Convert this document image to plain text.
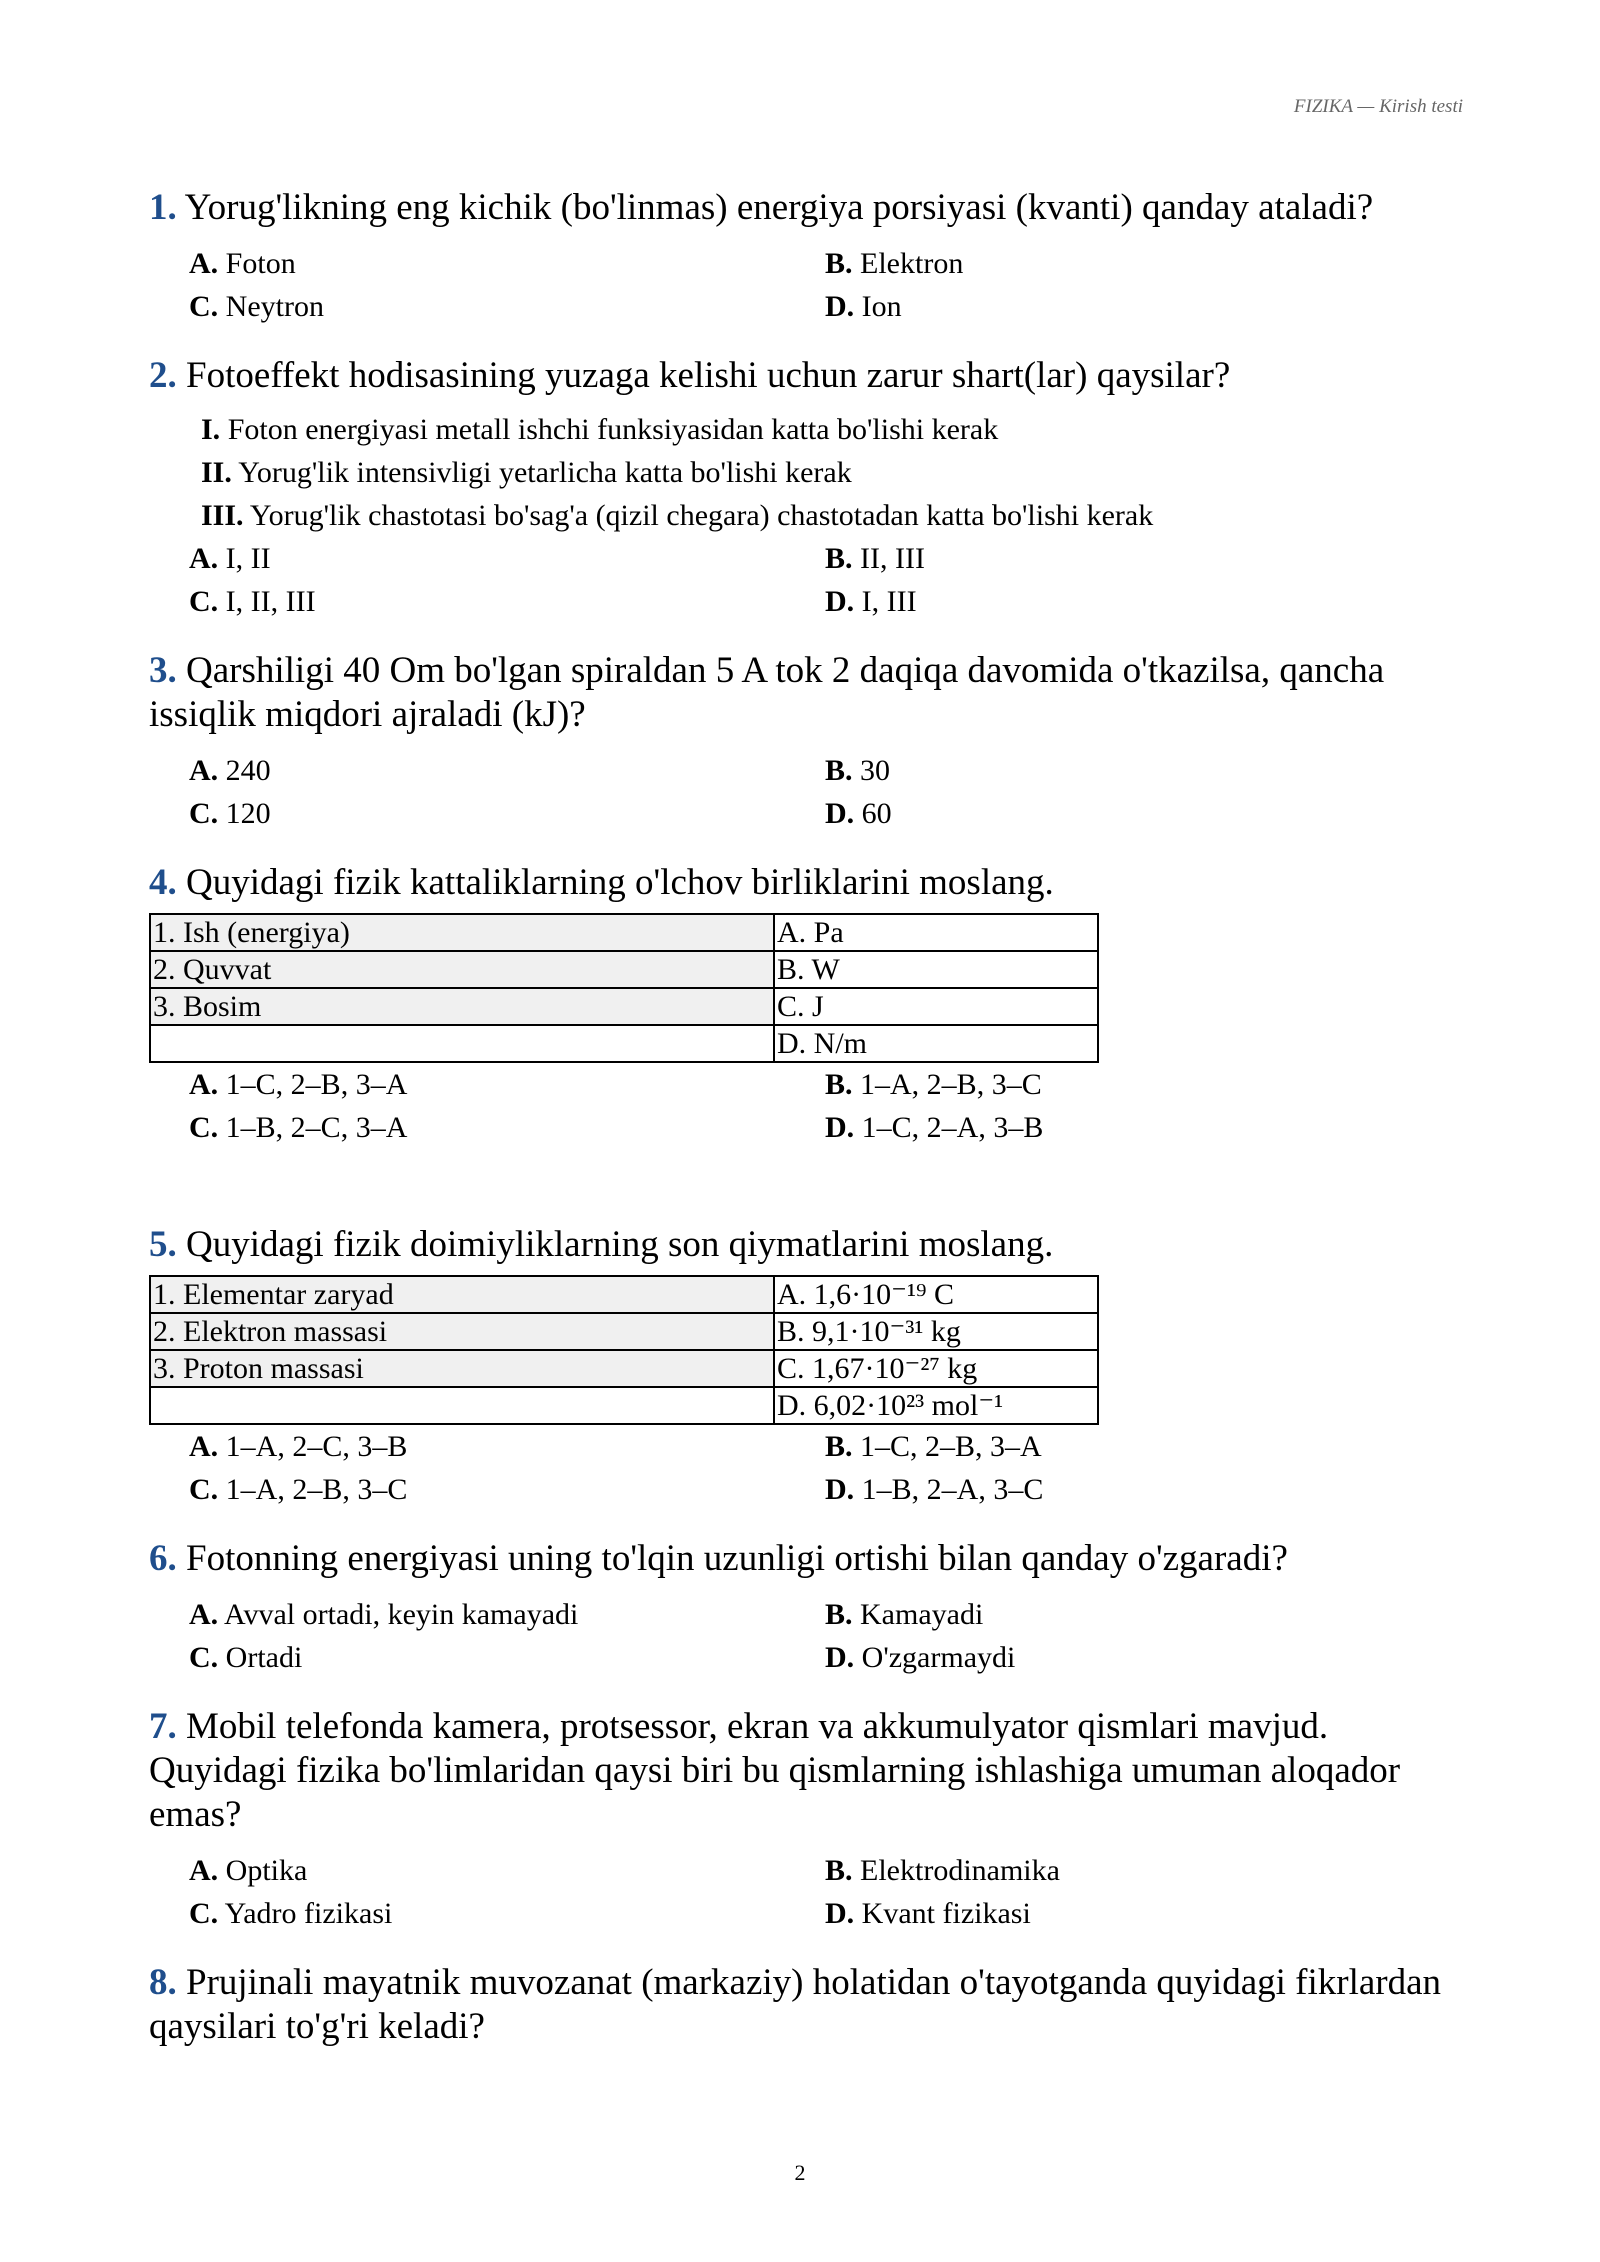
FIZIKA — Kirish testi
1. Yorug'likning eng kichik (bo'linmas) energiya porsiyasi (kvanti) qanday ataladi?
A. Foton	B. Elektron
C. Neytron	D. Ion
2. Fotoeffekt hodisasining yuzaga kelishi uchun zarur shart(lar) qaysilar?
I. Foton energiyasi metall ishchi funksiyasidan katta bo'lishi kerak
II. Yorug'lik intensivligi yetarlicha katta bo'lishi kerak
III. Yorug'lik chastotasi bo'sag'a (qizil chegara) chastotadan katta bo'lishi kerak
A. I, II	B. II, III
C. I, II, III	D. I, III
3. Qarshiligi 40 Om bo'lgan spiraldan 5 A tok 2 daqiqa davomida o'tkazilsa, qancha issiqlik miqdori ajraladi (kJ)?
A. 240	B. 30
C. 120	D. 60
4. Quyidagi fizik kattaliklarning o'lchov birliklarini moslang.
1. Ish (energiya)	A. Pa
2. Quvvat	B. W
3. Bosim	C. J
	D. N/m
A. 1–C, 2–B, 3–A	B. 1–A, 2–B, 3–C
C. 1–B, 2–C, 3–A	D. 1–C, 2–A, 3–B
5. Quyidagi fizik doimiyliklarning son qiymatlarini moslang.
1. Elementar zaryad	A. 1,6·10⁻¹⁹ C
2. Elektron massasi	B. 9,1·10⁻³¹ kg
3. Proton massasi	C. 1,67·10⁻²⁷ kg
	D. 6,02·10²³ mol⁻¹
A. 1–A, 2–C, 3–B	B. 1–C, 2–B, 3–A
C. 1–A, 2–B, 3–C	D. 1–B, 2–A, 3–C
6. Fotonning energiyasi uning to'lqin uzunligi ortishi bilan qanday o'zgaradi?
A. Avval ortadi, keyin kamayadi	B. Kamayadi
C. Ortadi	D. O'zgarmaydi
7. Mobil telefonda kamera, protsessor, ekran va akkumulyator qismlari mavjud. Quyidagi fizika bo'limlaridan qaysi biri bu qismlarning ishlashiga umuman aloqador emas?
A. Optika	B. Elektrodinamika
C. Yadro fizikasi	D. Kvant fizikasi
8. Prujinali mayatnik muvozanat (markaziy) holatidan o'tayotganda quyidagi fikrlardan qaysilari to'g'ri keladi?
2
